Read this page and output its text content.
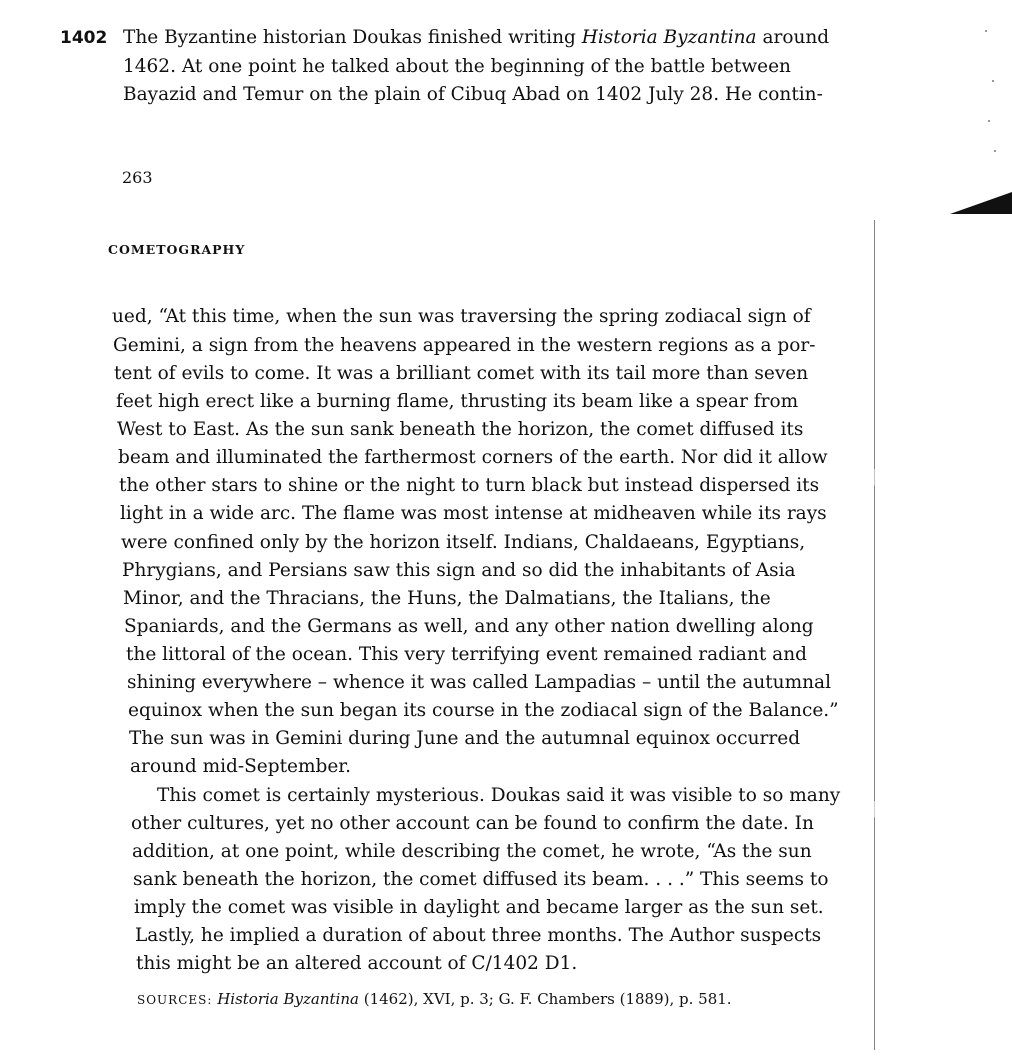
1402 The Byzantine historian Doukas finished writing Historia Byzantina around
1462. At one point he talked about the beginning of the battle between
Bayazid and Temur on the plain of Cibuq Abad on 1402 July 28. He contin-
263
COMETOGRAPHY
ued, “At this time, when the sun was traversing the spring zodiacal sign of
Gemini, a sign from the heavens appeared in the western regions as a por-
tent of evils to come. It was a brilliant comet with its tail more than seven
feet high erect like a burning flame, thrusting its beam like a spear from
West to East. As the sun sank beneath the horizon, the comet diffused its
beam and illuminated the farthermost corners of the earth. Nor did it allow
the other stars to shine or the night to turn black but instead dispersed its
light in a wide arc. The flame was most intense at midheaven while its rays
were confined only by the horizon itself. Indians, Chaldaeans, Egyptians,
Phrygians, and Persians saw this sign and so did the inhabitants of Asia
Minor, and the Thracians, the Huns, the Dalmatians, the Italians, the
Spaniards, and the Germans as well, and any other nation dwelling along
the littoral of the ocean. This very terrifying event remained radiant and
shining everywhere – whence it was called Lampadias – until the autumnal
equinox when the sun began its course in the zodiacal sign of the Balance.”
The sun was in Gemini during June and the autumnal equinox occurred
around mid-September.
This comet is certainly mysterious. Doukas said it was visible to so many
other cultures, yet no other account can be found to confirm the date. In
addition, at one point, while describing the comet, he wrote, “As the sun
sank beneath the horizon, the comet diffused its beam. . . .” This seems to
imply the comet was visible in daylight and became larger as the sun set.
Lastly, he implied a duration of about three months. The Author suspects
this might be an altered account of C/1402 D1.
SOURCES: Historia Byzantina (1462), XVI, p. 3; G. F. Chambers (1889), p. 581.
